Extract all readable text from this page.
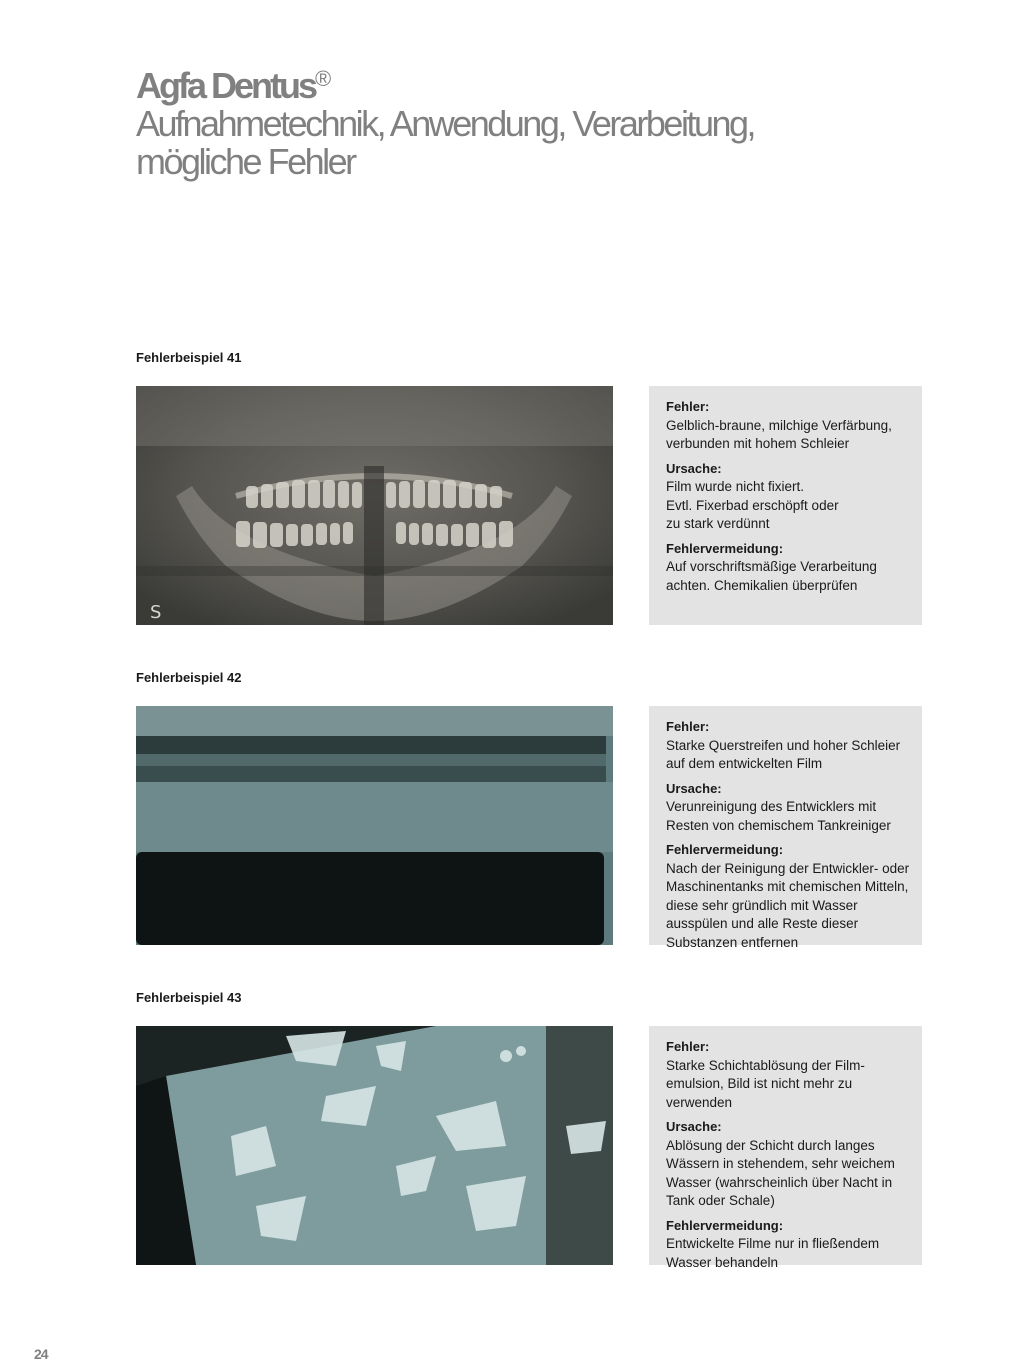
Agfa Dentus®
Aufnahmetechnik, Anwendung, Verarbeitung,
mögliche Fehler
Fehlerbeispiel 41
S
Fehler:
Gelblich-braune, milchige Verfärbung, verbunden mit hohem Schleier
Ursache:
Film wurde nicht fixiert.
Evtl. Fixerbad erschöpft oder
zu stark verdünnt
Fehlervermeidung:
Auf vorschriftsmäßige Verarbeitung achten. Chemikalien überprüfen
Fehlerbeispiel 42
Fehler:
Starke Querstreifen und hoher Schleier auf dem entwickelten Film
Ursache:
Verunreinigung des Entwicklers mit Resten von chemischem Tankreiniger
Fehlervermeidung:
Nach der Reinigung der Entwickler- oder Maschinentanks mit chemischen Mitteln, diese sehr gründlich mit Wasser ausspülen und alle Reste dieser Substanzen entfernen
Fehlerbeispiel 43
Fehler:
Starke Schichtablösung der Film-emulsion, Bild ist nicht mehr zu verwenden
Ursache:
Ablösung der Schicht durch langes Wässern in stehendem, sehr weichem Wasser (wahrscheinlich über Nacht in Tank oder Schale)
Fehlervermeidung:
Entwickelte Filme nur in fließendem Wasser behandeln
24
